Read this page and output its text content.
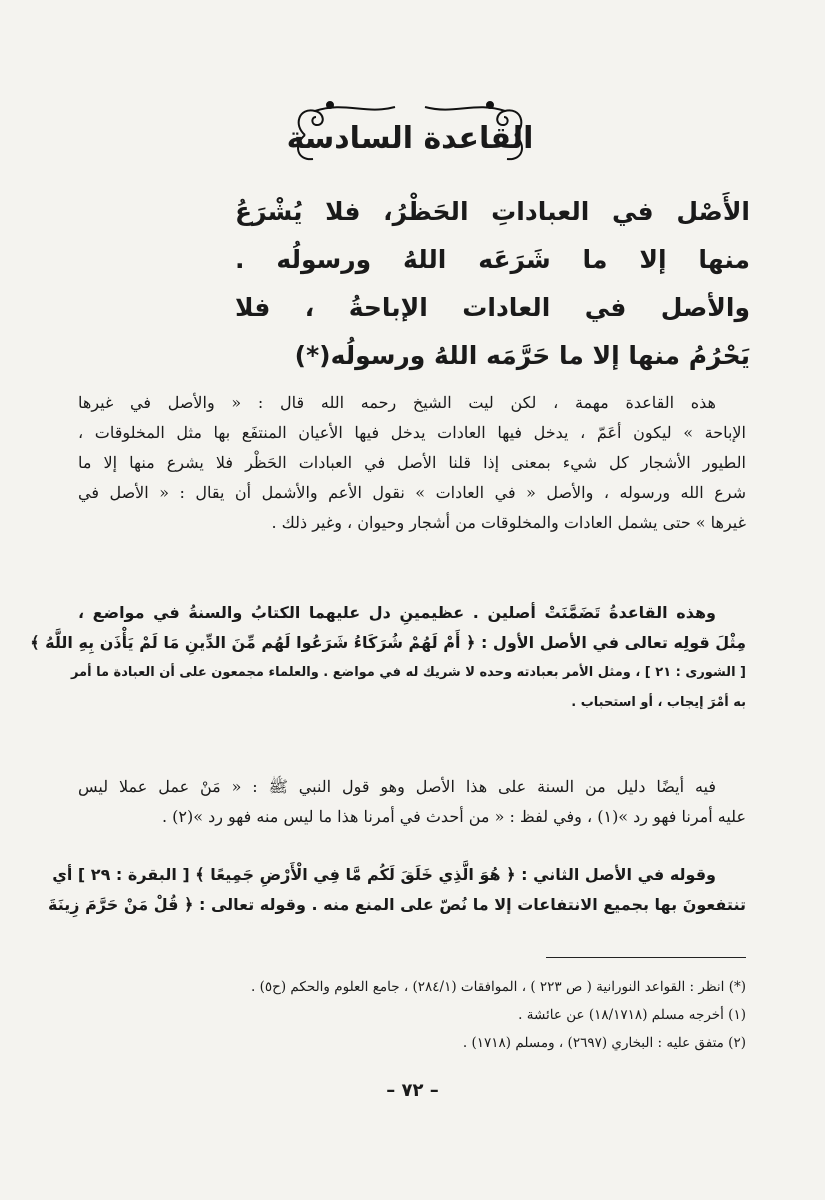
القاعدة السادسة
الأَصْل في العباداتِ الحَظْرُ، فلا يُشْرَعُ
منها إلا ما شَرَعَه اللهُ ورسولُه .
والأصل في العادات الإباحةُ ، فلا
يَحْرُمُ منها إلا ما حَرَّمَه اللهُ ورسولُه(*)
هذه القاعدة مهمة ، لكن ليت الشيخ رحمه الله قال : « والأصل في غيرها
الإباحة » ليكون أعَمّ ، يدخل فيها العادات يدخل فيها الأعيان المنتفَع بها مثل المخلوقات ،
الطيور الأشجار كل شيء بمعنى إذا قلنا الأصل في العبادات الحَظْر فلا يشرع منها إلا ما
شرع الله ورسوله ، والأصل « في العادات » نقول الأعم والأشمل أن يقال : « الأصل في
غيرها » حتى يشمل العادات والمخلوقات من أشجار وحيوان ، وغير ذلك .
وهذه القاعدةُ تَضَمَّنَتْ أصلين . عظيمينِ دل عليهما الكتابُ والسنةُ في مواضع ،
مِثْلَ قولِه تعالى في الأصل الأول : ﴿ أَمْ لَهُمْ شُرَكَاءُ شَرَعُوا لَهُم مِّنَ الدِّينِ مَا لَمْ يَأْذَن بِهِ اللَّهُ ﴾
[ الشورى : ٢١ ] ، ومثل الأمر بعبادته وحده لا شريك له في مواضع . والعلماء مجمعون على أن العبادة ما أمر
به أمْرَ إيجاب ، أو استحباب .
فيه أيضًا دليل من السنة على هذا الأصل وهو قول النبي ﷺ : « مَنْ عمل عملا ليس
عليه أمرنا فهو رد »(١) ، وفي لفظ : « من أحدث في أمرنا هذا ما ليس منه فهو رد »(٢) .
وقوله في الأصل الثاني : ﴿ هُوَ الَّذِي خَلَقَ لَكُم مَّا فِي الْأَرْضِ جَمِيعًا ﴾ [ البقرة : ٢٩ ] أي
تنتفعونَ بها بجميع الانتفاعات إلا ما نُصّ على المنع منه . وقوله تعالى : ﴿ قُلْ مَنْ حَرَّمَ زِينَةَ
(*) انظر : القواعد النورانية ( ص ٢٢٣ ) ، الموافقات (٢٨٤/١) ، جامع العلوم والحكم (ح٥) .
(١) أخرجه مسلم (١٨/١٧١٨) عن عائشة .
(٢) متفق عليه : البخاري (٢٦٩٧) ، ومسلم (١٧١٨) .
– ٧٢ –
